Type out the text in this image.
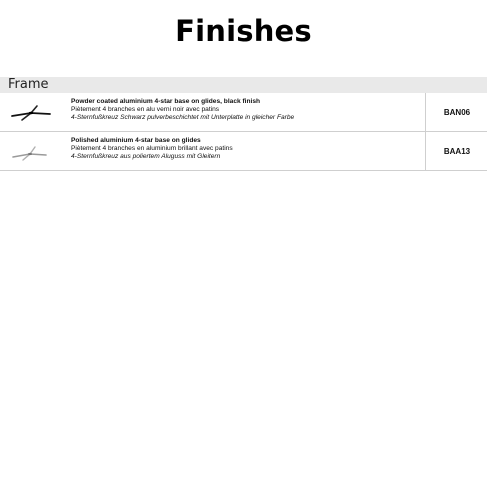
Finishes
Frame
Powder coated aluminium 4-star base on glides, black finish
Piètement 4 branches en alu verni noir avec patins
4-Sternfußkreuz Schwarz pulverbeschichtet mit Unterplatte in gleicher Farbe
BAN06
Polished aluminium 4-star base on glides
Piètement 4 branches en aluminium brillant avec patins
4-Sternfußkreuz aus poliertem Aluguss mit Gleitern
BAA13
